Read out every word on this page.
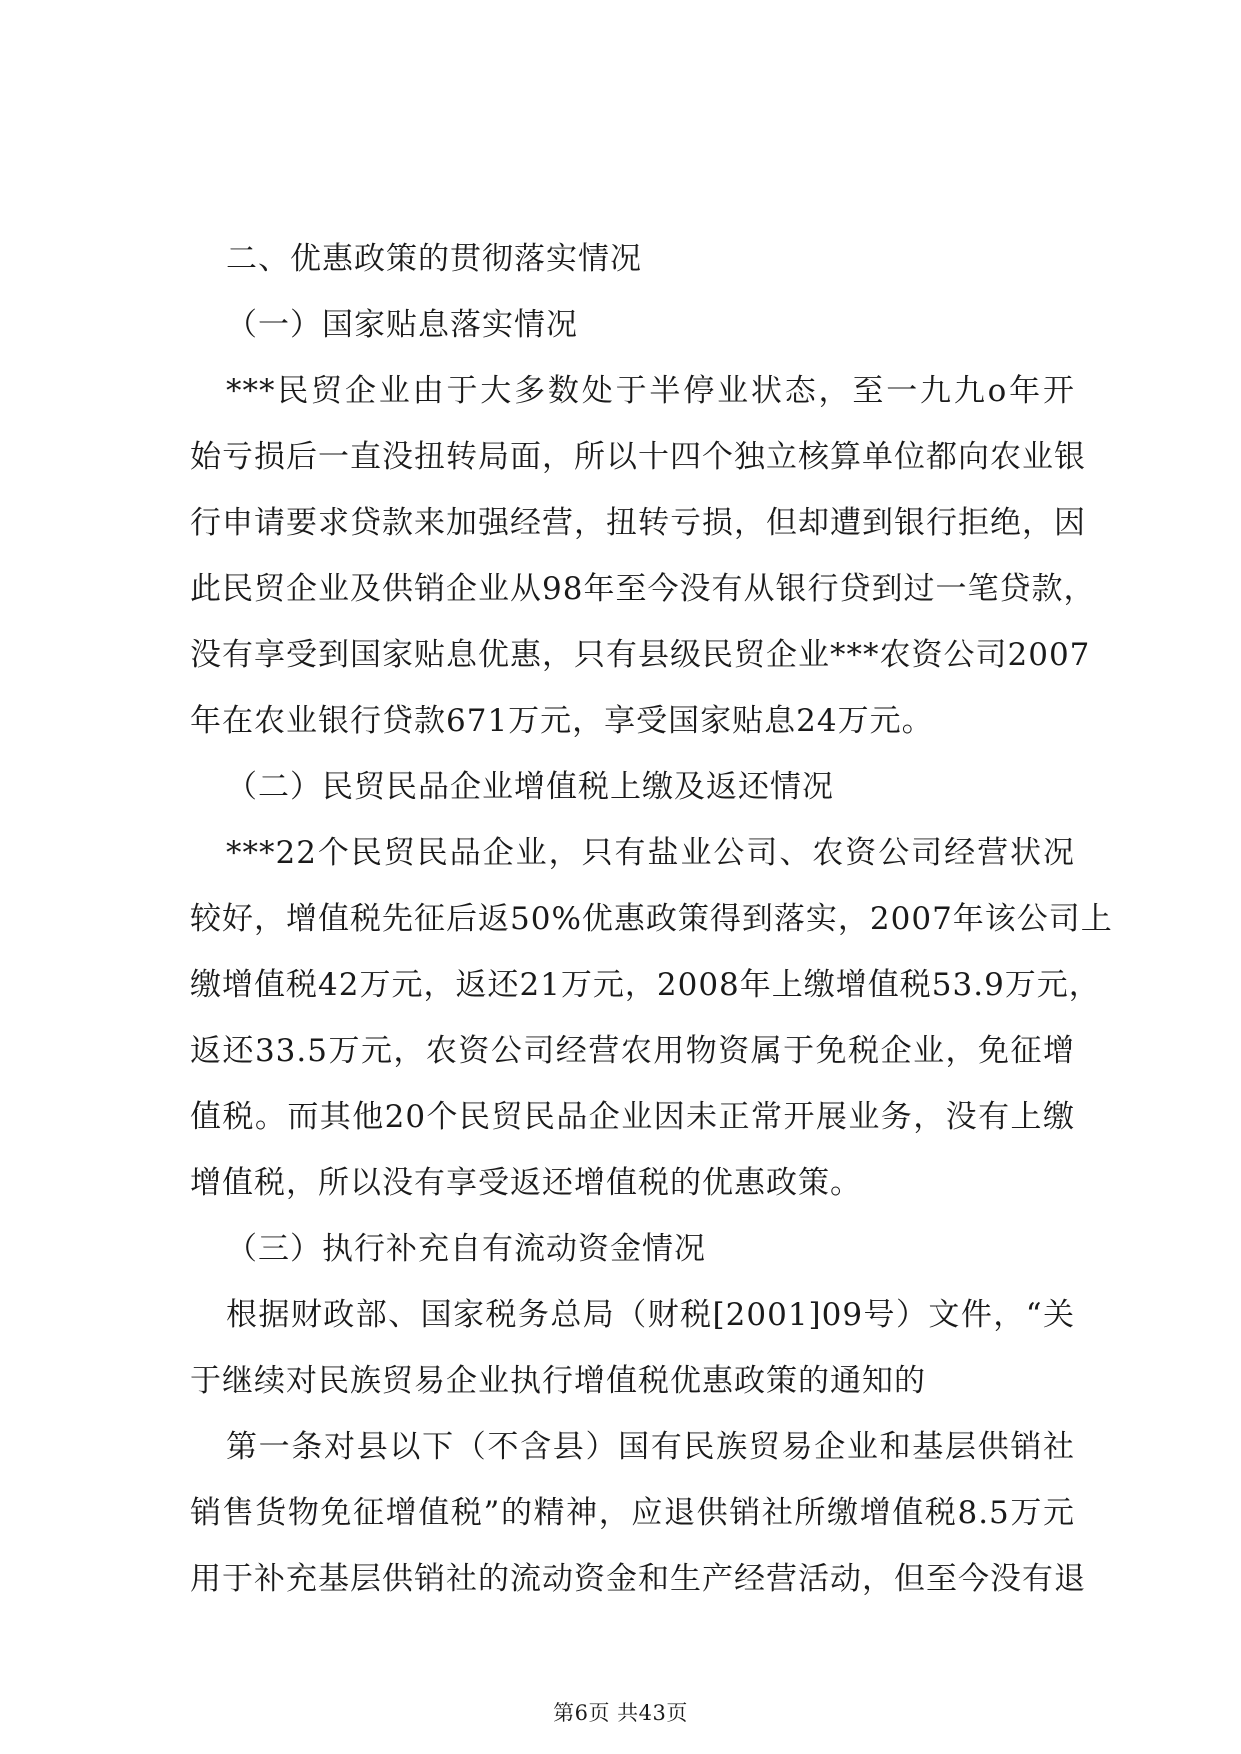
二、优惠政策的贯彻落实情况
（一）国家贴息落实情况
***民贸企业由于大多数处于半停业状态，至一九九o年开
始亏损后一直没扭转局面，所以十四个独立核算单位都向农业银
行申请要求贷款来加强经营，扭转亏损，但却遭到银行拒绝，因
此民贸企业及供销企业从98年至今没有从银行贷到过一笔贷款，
没有享受到国家贴息优惠，只有县级民贸企业***农资公司2007
年在农业银行贷款671万元，享受国家贴息24万元。
（二）民贸民品企业增值税上缴及返还情况
***22个民贸民品企业，只有盐业公司、农资公司经营状况
较好，增值税先征后返50%优惠政策得到落实，2007年该公司上
缴增值税42万元，返还21万元，2008年上缴增值税53.9万元，
返还33.5万元，农资公司经营农用物资属于免税企业，免征增
值税。而其他20个民贸民品企业因未正常开展业务，没有上缴
增值税，所以没有享受返还增值税的优惠政策。
（三）执行补充自有流动资金情况
根据财政部、国家税务总局（财税[2001]09号）文件，“关
于继续对民族贸易企业执行增值税优惠政策的通知的
第一条对县以下（不含县）国有民族贸易企业和基层供销社
销售货物免征增值税”的精神，应退供销社所缴增值税8.5万元
用于补充基层供销社的流动资金和生产经营活动，但至今没有退
第6页 共43页
